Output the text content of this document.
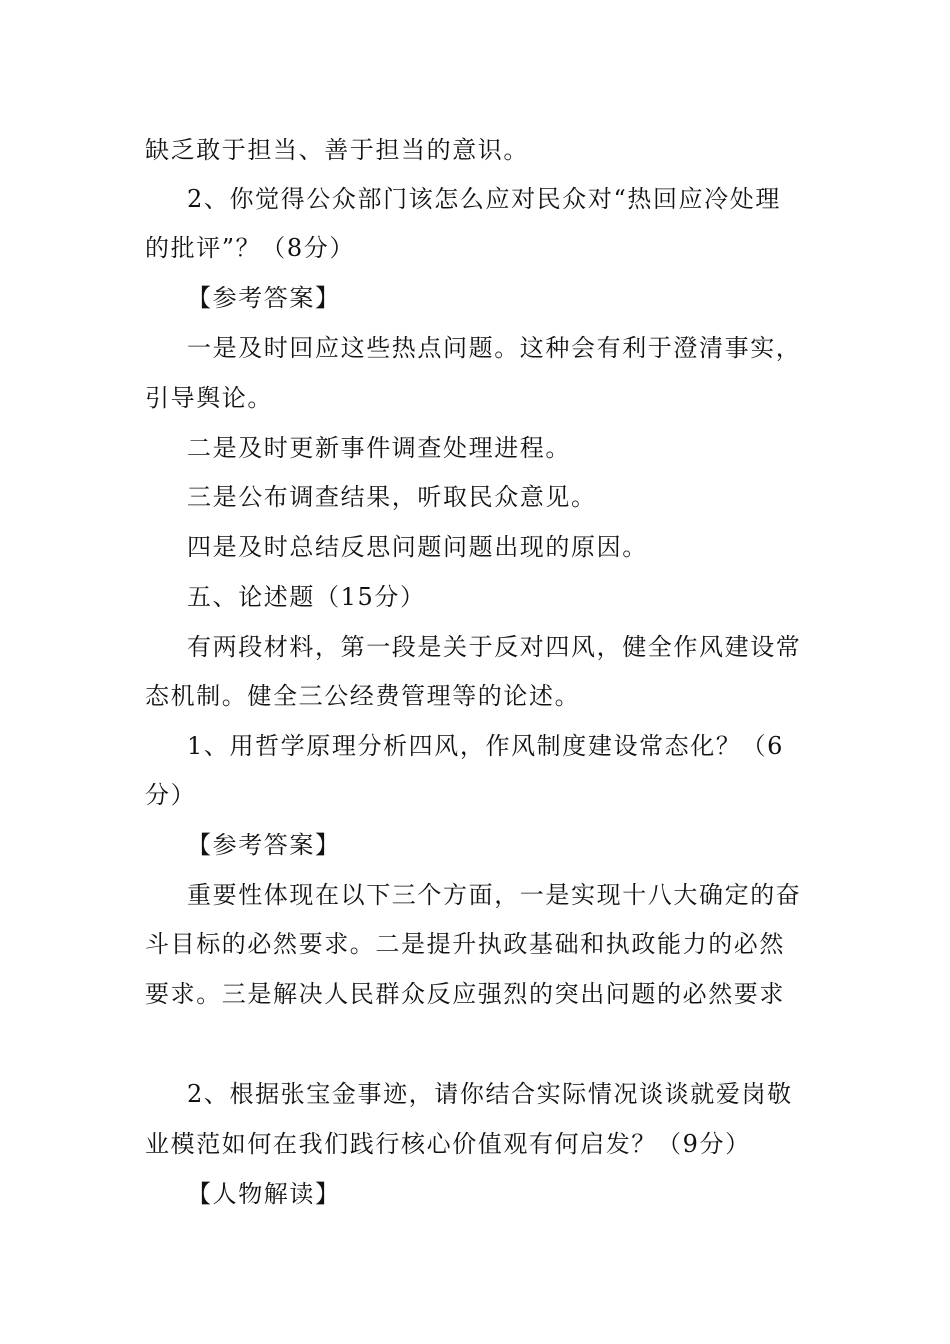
缺乏敢于担当、善于担当的意识。
2、你觉得公众部门该怎么应对民众对“热回应冷处理
的批评”？（8分）
【参考答案】
一是及时回应这些热点问题。这种会有利于澄清事实，
引导舆论。
二是及时更新事件调查处理进程。
三是公布调查结果，听取民众意见。
四是及时总结反思问题问题出现的原因。
五、论述题（15分）
有两段材料，第一段是关于反对四风，健全作风建设常
态机制。健全三公经费管理等的论述。
1、用哲学原理分析四风，作风制度建设常态化？（6
分）
【参考答案】
重要性体现在以下三个方面，一是实现十八大确定的奋
斗目标的必然要求。二是提升执政基础和执政能力的必然
要求。三是解决人民群众反应强烈的突出问题的必然要求
2、根据张宝金事迹，请你结合实际情况谈谈就爱岗敬
业模范如何在我们践行核心价值观有何启发？（9分）
【人物解读】
